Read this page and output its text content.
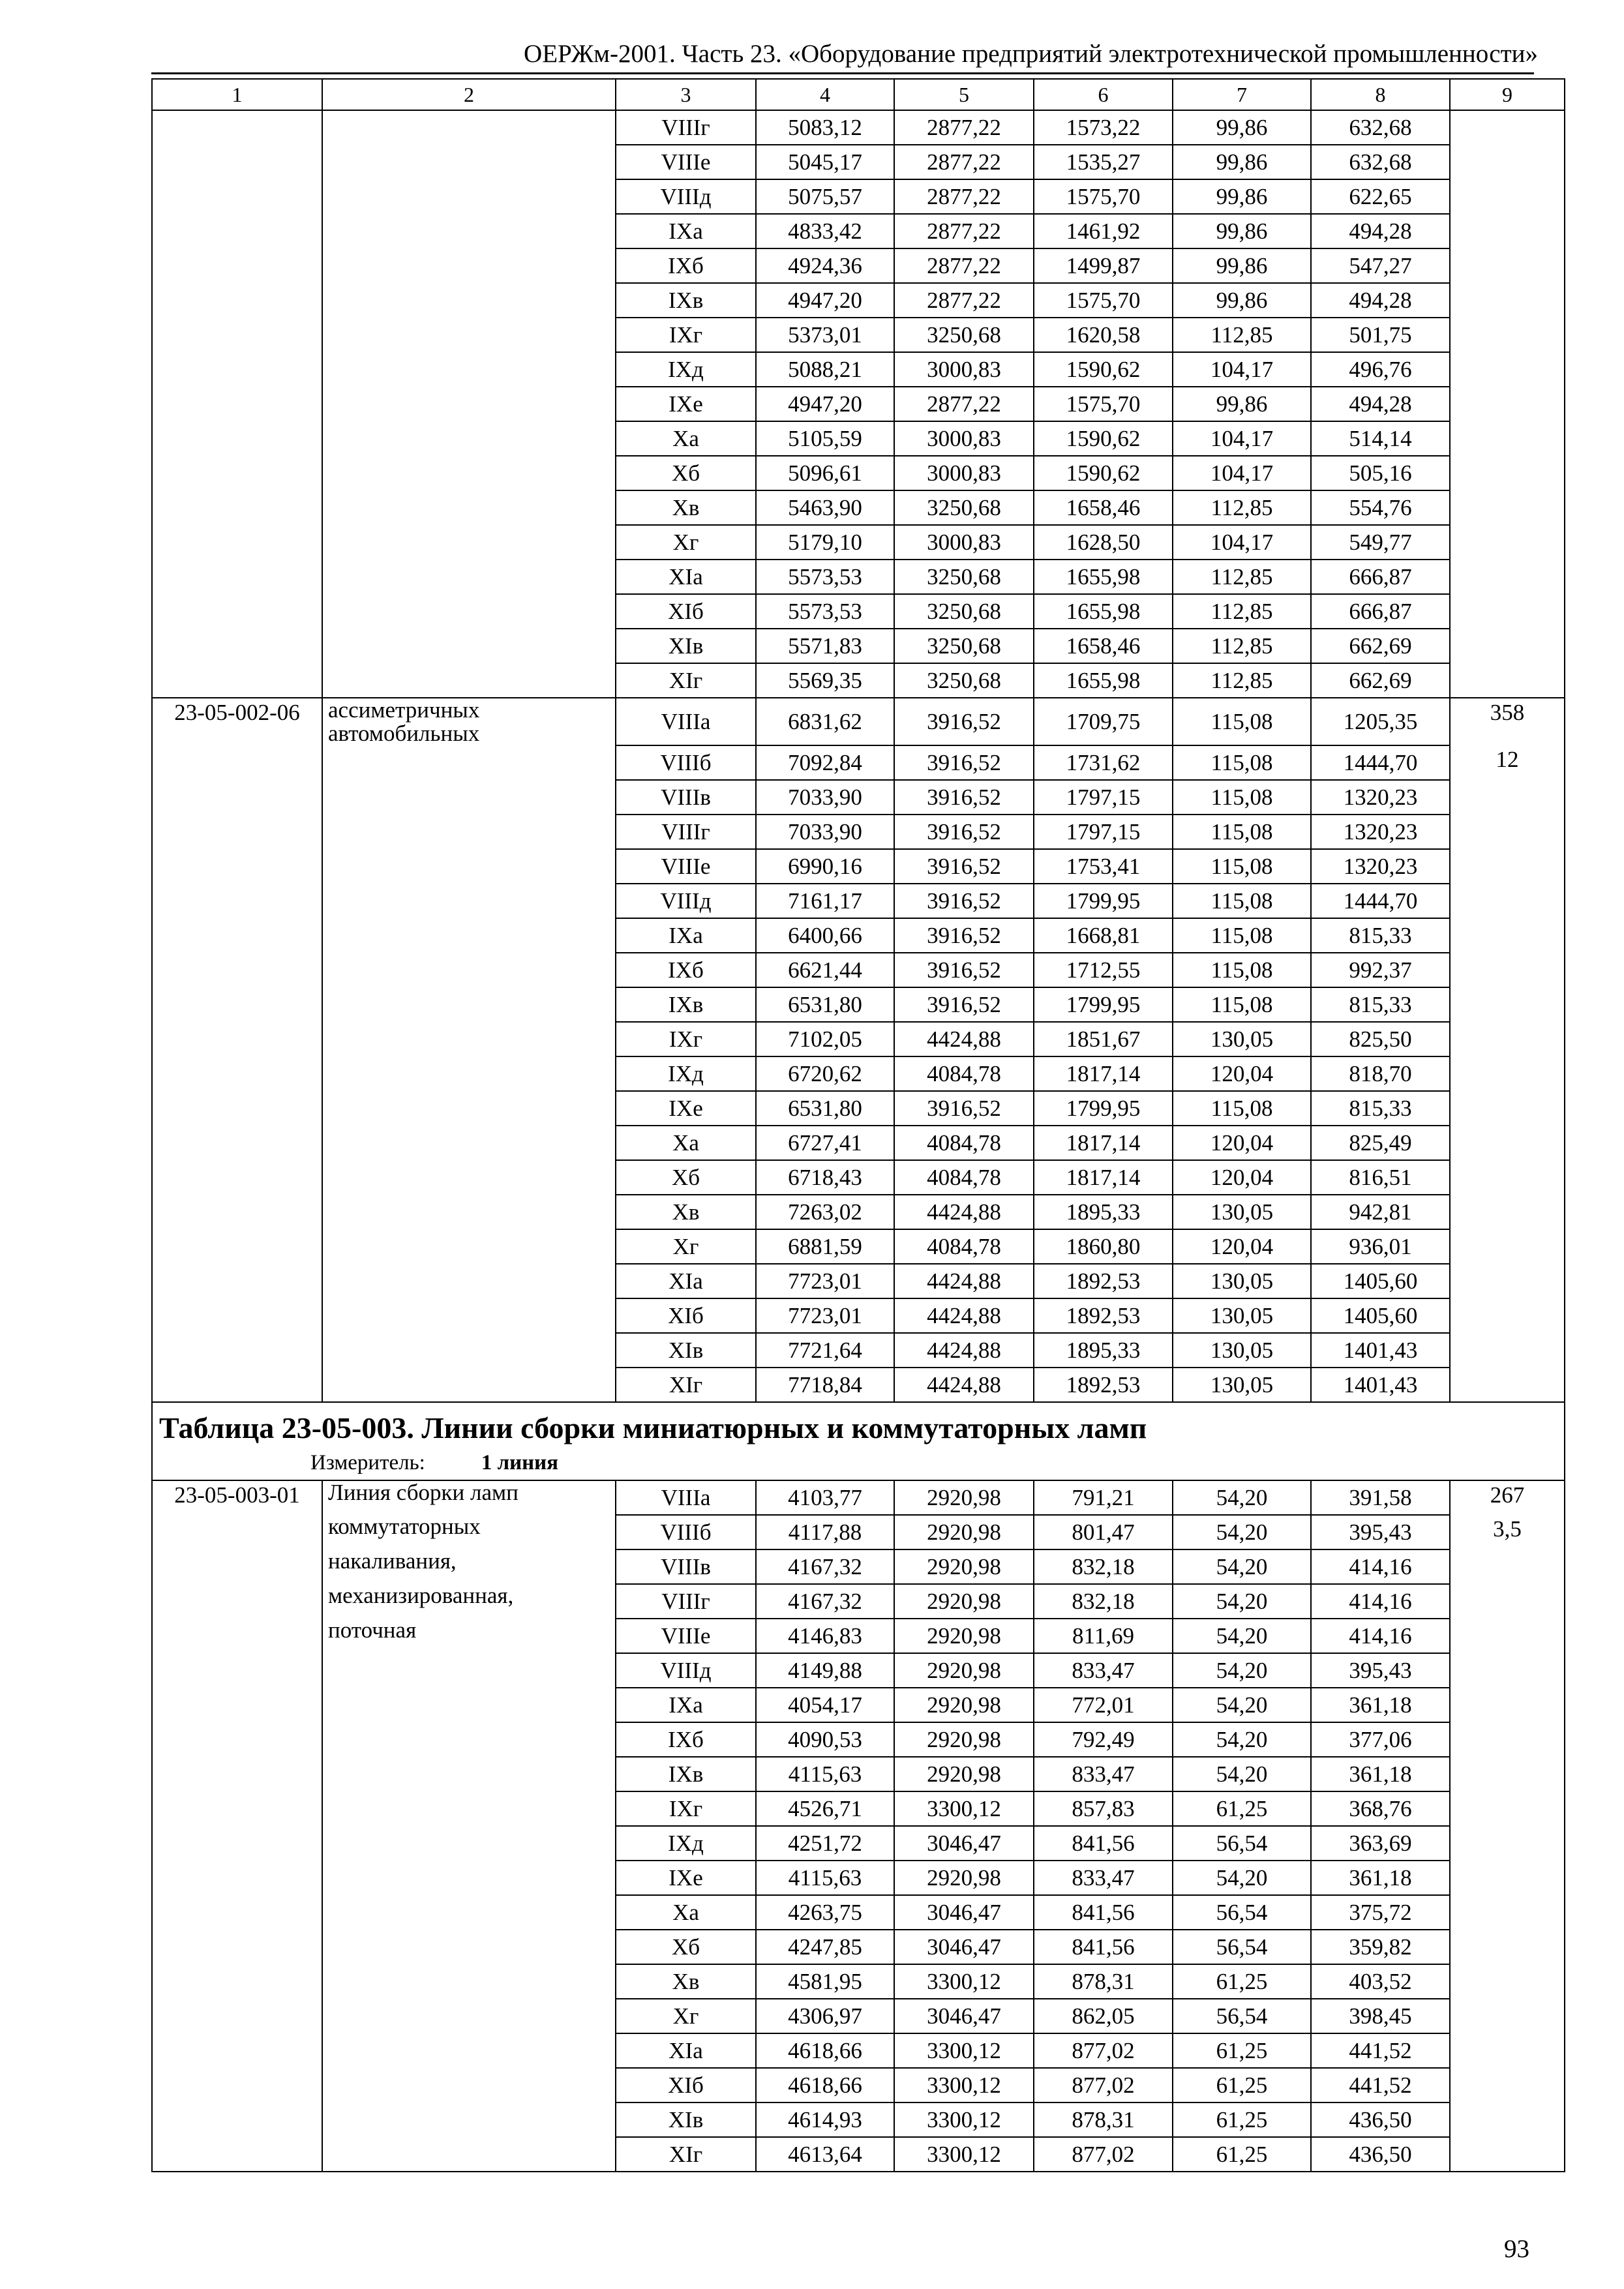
ОЕРЖм-2001. Часть 23. «Оборудование предприятий электротехнической промышленности»
1	2	3	4	5	6	7	8	9
		VIIIг	5083,12	2877,22	1573,22	99,86	632,68	
		VIIIе	5045,17	2877,22	1535,27	99,86	632,68	
		VIIIд	5075,57	2877,22	1575,70	99,86	622,65	
		IXа	4833,42	2877,22	1461,92	99,86	494,28	
		IXб	4924,36	2877,22	1499,87	99,86	547,27	
		IXв	4947,20	2877,22	1575,70	99,86	494,28	
		IXг	5373,01	3250,68	1620,58	112,85	501,75	
		IXд	5088,21	3000,83	1590,62	104,17	496,76	
		IXе	4947,20	2877,22	1575,70	99,86	494,28	
		Xа	5105,59	3000,83	1590,62	104,17	514,14	
		Xб	5096,61	3000,83	1590,62	104,17	505,16	
		Xв	5463,90	3250,68	1658,46	112,85	554,76	
		Xг	5179,10	3000,83	1628,50	104,17	549,77	
		XIа	5573,53	3250,68	1655,98	112,85	666,87	
		XIб	5573,53	3250,68	1655,98	112,85	666,87	
		XIв	5571,83	3250,68	1658,46	112,85	662,69	
		XIг	5569,35	3250,68	1655,98	112,85	662,69	
23-05-002-06	ассиметричных автомобильных	VIIIа	6831,62	3916,52	1709,75	115,08	1205,35	358
		VIIIб	7092,84	3916,52	1731,62	115,08	1444,70	12
		VIIIв	7033,90	3916,52	1797,15	115,08	1320,23	
		VIIIг	7033,90	3916,52	1797,15	115,08	1320,23	
		VIIIе	6990,16	3916,52	1753,41	115,08	1320,23	
		VIIIд	7161,17	3916,52	1799,95	115,08	1444,70	
		IXа	6400,66	3916,52	1668,81	115,08	815,33	
		IXб	6621,44	3916,52	1712,55	115,08	992,37	
		IXв	6531,80	3916,52	1799,95	115,08	815,33	
		IXг	7102,05	4424,88	1851,67	130,05	825,50	
		IXд	6720,62	4084,78	1817,14	120,04	818,70	
		IXе	6531,80	3916,52	1799,95	115,08	815,33	
		Xа	6727,41	4084,78	1817,14	120,04	825,49	
		Xб	6718,43	4084,78	1817,14	120,04	816,51	
		Xв	7263,02	4424,88	1895,33	130,05	942,81	
		Xг	6881,59	4084,78	1860,80	120,04	936,01	
		XIа	7723,01	4424,88	1892,53	130,05	1405,60	
		XIб	7723,01	4424,88	1892,53	130,05	1405,60	
		XIв	7721,64	4424,88	1895,33	130,05	1401,43	
		XIг	7718,84	4424,88	1892,53	130,05	1401,43	

Таблица 23-05-003. Линии сборки миниатюрных и коммутаторных ламп
Измеритель: 1 линия								

23-05-003-01	Линия сборки ламп	VIIIа	4103,77	2920,98	791,21	54,20	391,58	267
	коммутаторных	VIIIб	4117,88	2920,98	801,47	54,20	395,43	3,5
	накаливания,	VIIIв	4167,32	2920,98	832,18	54,20	414,16	
	механизированная,	VIIIг	4167,32	2920,98	832,18	54,20	414,16	
	поточная	VIIIе	4146,83	2920,98	811,69	54,20	414,16	
		VIIIд	4149,88	2920,98	833,47	54,20	395,43	
		IXа	4054,17	2920,98	772,01	54,20	361,18	
		IXб	4090,53	2920,98	792,49	54,20	377,06	
		IXв	4115,63	2920,98	833,47	54,20	361,18	
		IXг	4526,71	3300,12	857,83	61,25	368,76	
		IXд	4251,72	3046,47	841,56	56,54	363,69	
		IXе	4115,63	2920,98	833,47	54,20	361,18	
		Xа	4263,75	3046,47	841,56	56,54	375,72	
		Xб	4247,85	3046,47	841,56	56,54	359,82	
		Xв	4581,95	3300,12	878,31	61,25	403,52	
		Xг	4306,97	3046,47	862,05	56,54	398,45	
		XIа	4618,66	3300,12	877,02	61,25	441,52	
		XIб	4618,66	3300,12	877,02	61,25	441,52	
		XIв	4614,93	3300,12	878,31	61,25	436,50	
		XIг	4613,64	3300,12	877,02	61,25	436,50	
93
